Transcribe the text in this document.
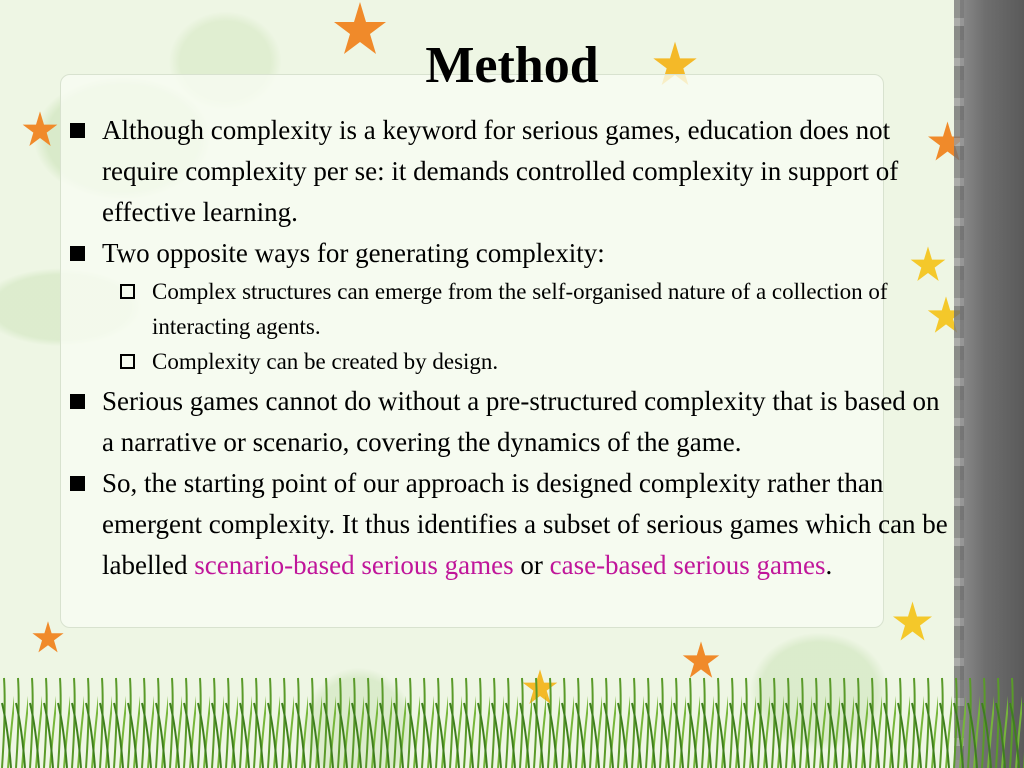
Method
Although complexity is a keyword for serious games, education does not require complexity per se: it demands controlled complexity in support of effective learning.
Two opposite ways for generating complexity:
Complex structures can emerge from the self-organised nature of a collection of interacting agents.
Complexity can be created by design.
Serious games cannot do without a pre-structured complexity that is based on a narrative or scenario, covering the dynamics of the game.
So, the starting point of our approach is designed complexity rather than emergent complexity. It thus identifies a subset of serious games which can be labelled scenario-based serious games or case-based serious games.
